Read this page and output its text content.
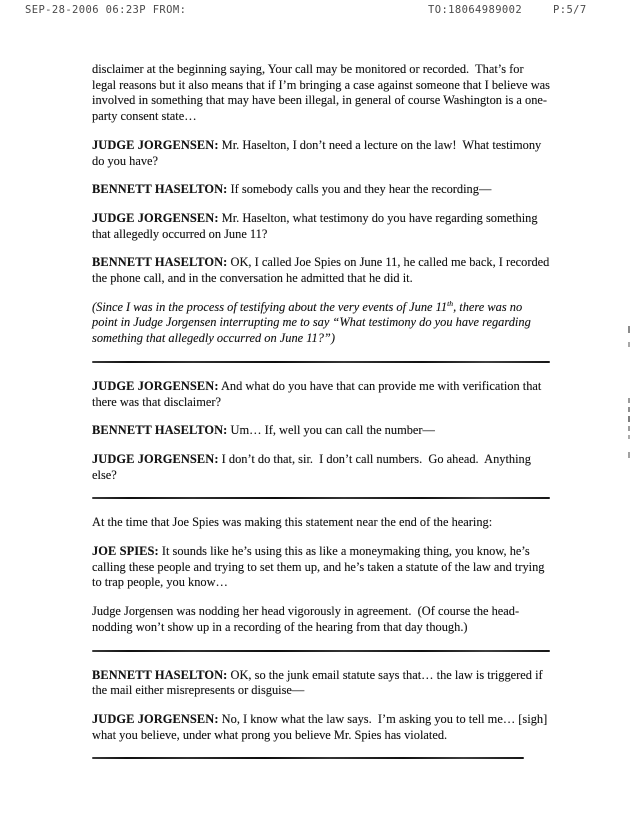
SEP-28-2006 06:23P FROM:	TO:18064989002	P:5/7

disclaimer at the beginning saying, Your call may be monitored or recorded.  That’s for legal reasons but it also means that if I’m bringing a case against someone that I believe was involved in something that may have been illegal, in general of course Washington is a one-party consent state…

JUDGE JORGENSEN: Mr. Haselton, I don’t need a lecture on the law!  What testimony do you have?

BENNETT HASELTON: If somebody calls you and they hear the recording—

JUDGE JORGENSEN: Mr. Haselton, what testimony do you have regarding something that allegedly occurred on June 11?

BENNETT HASELTON: OK, I called Joe Spies on June 11, he called me back, I recorded the phone call, and in the conversation he admitted that he did it.

(Since I was in the process of testifying about the very events of June 11th, there was no point in Judge Jorgensen interrupting me to say “What testimony do you have regarding something that allegedly occurred on June 11?”)

JUDGE JORGENSEN: And what do you have that can provide me with verification that there was that disclaimer?

BENNETT HASELTON: Um… If, well you can call the number—

JUDGE JORGENSEN: I don’t do that, sir.  I don’t call numbers.  Go ahead.  Anything else?

At the time that Joe Spies was making this statement near the end of the hearing:

JOE SPIES: It sounds like he’s using this as like a moneymaking thing, you know, he’s calling these people and trying to set them up, and he’s taken a statute of the law and trying to trap people, you know…

Judge Jorgensen was nodding her head vigorously in agreement.  (Of course the head-nodding won’t show up in a recording of the hearing from that day though.)

BENNETT HASELTON: OK, so the junk email statute says that… the law is triggered if the mail either misrepresents or disguise—

JUDGE JORGENSEN: No, I know what the law says.  I’m asking you to tell me… [sigh] what you believe, under what prong you believe Mr. Spies has violated.
